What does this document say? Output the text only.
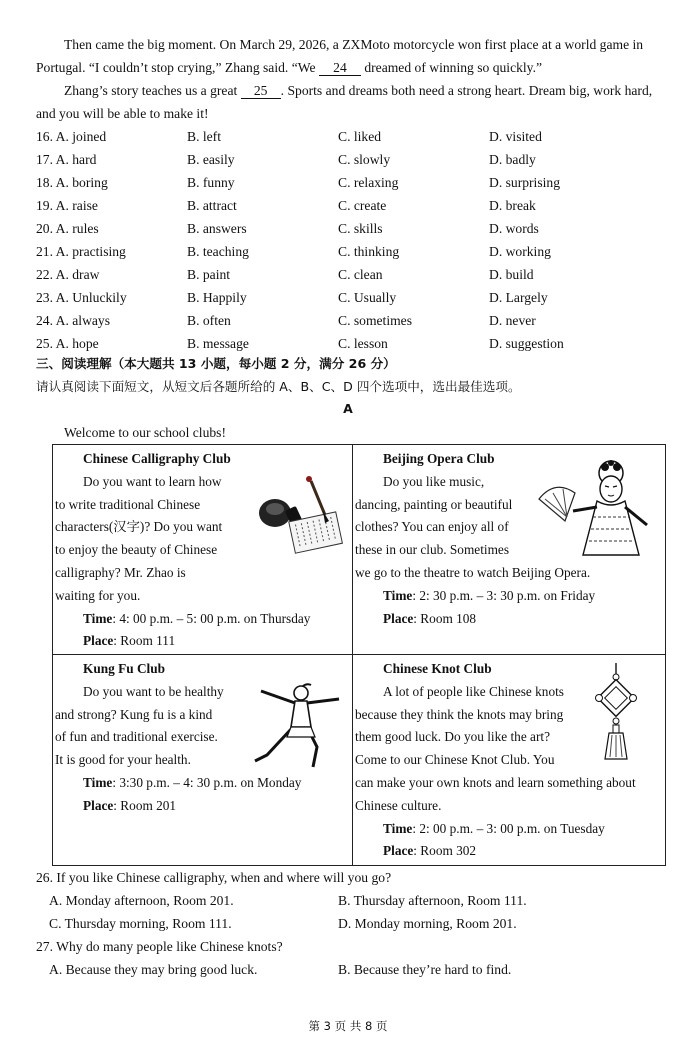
Then came the big moment. On March 29, 2026, a ZXMoto motorcycle won first place at a world game in
Portugal. “I couldn’t stop crying,” Zhang said. “We 24 dreamed of winning so quickly.”
Zhang’s story teaches us a great 25 . Sports and dreams both need a strong heart. Dream big, work hard,
and you will be able to make it!
16. A. joined	B. left	C. liked	D. visited
17. A. hard	B. easily	C. slowly	D. badly
18. A. boring	B. funny	C. relaxing	D. surprising
19. A. raise	B. attract	C. create	D. break
20. A. rules	B. answers	C. skills	D. words
21. A. practising	B. teaching	C. thinking	D. working
22. A. draw	B. paint	C. clean	D. build
23. A. Unluckily	B. Happily	C. Usually	D. Largely
24. A. always	B. often	C. sometimes	D. never
25. A. hope	B. message	C. lesson	D. suggestion
三、阅读理解（本大题共 13 小题，每小题 2 分，满分 26 分）
请认真阅读下面短文，从短文后各题所给的 A、B、C、D 四个选项中，选出最佳选项。
A
Welcome to our school clubs!
Chinese Calligraphy Club
Do you want to learn how
to write traditional Chinese
characters(汉字)? Do you want
to enjoy the beauty of Chinese
calligraphy? Mr. Zhao is
waiting for you.
Time: 4: 00 p.m. – 5: 00 p.m. on Thursday
Place: Room 111
Beijing Opera Club
Do you like music,
dancing, painting or beautiful
clothes? You can enjoy all of
these in our club. Sometimes
we go to the theatre to watch Beijing Opera.
Time: 2: 30 p.m. – 3: 30 p.m. on Friday
Place: Room 108
Kung Fu Club
Do you want to be healthy
and strong? Kung fu is a kind
of fun and traditional exercise.
It is good for your health.
Time: 3:30 p.m. – 4: 30 p.m. on Monday
Place: Room 201
Chinese Knot Club
A lot of people like Chinese knots
because they think the knots may bring
them good luck. Do you like the art?
Come to our Chinese Knot Club. You
can make your own knots and learn something about
Chinese culture.
Time: 2: 00 p.m. – 3: 00 p.m. on Tuesday
Place: Room 302
26. If you like Chinese calligraphy, when and where will you go?
A. Monday afternoon, Room 201.	B. Thursday afternoon, Room 111.
C. Thursday morning, Room 111.	D. Monday morning, Room 201.
27. Why do many people like Chinese knots?
A. Because they may bring good luck.	B. Because they’re hard to find.
第 3 页 共 8 页
